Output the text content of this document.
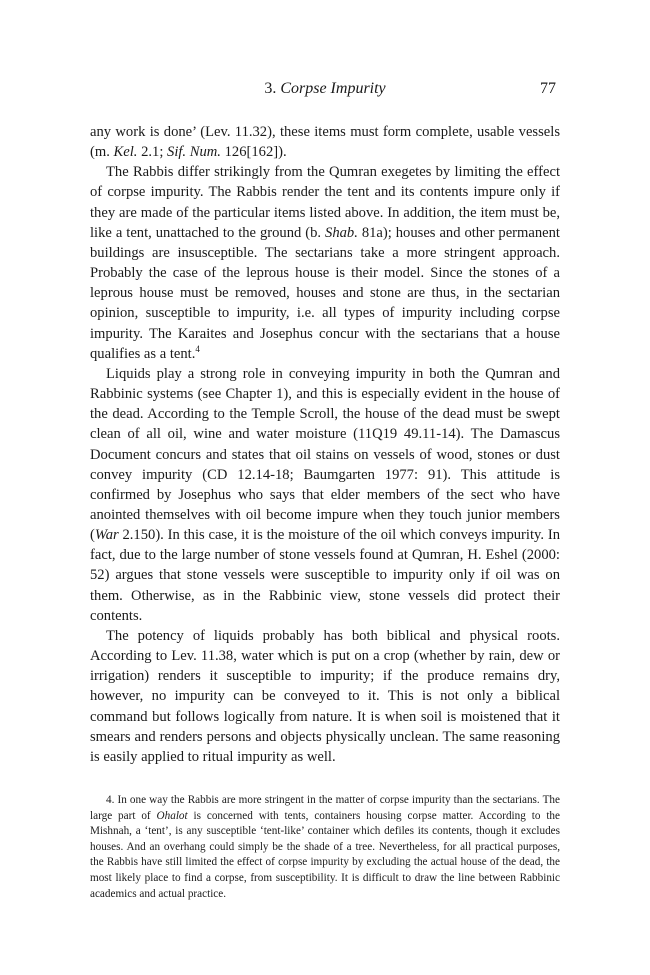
3. Corpse Impurity	77

any work is done’ (Lev. 11.32), these items must form complete, usable vessels (m. Kel. 2.1; Sif. Num. 126[162]).

The Rabbis differ strikingly from the Qumran exegetes by limiting the effect of corpse impurity. The Rabbis render the tent and its contents impure only if they are made of the particular items listed above. In addition, the item must be, like a tent, unattached to the ground (b. Shab. 81a); houses and other permanent buildings are insusceptible. The sectarians take a more stringent approach. Probably the case of the leprous house is their model. Since the stones of a leprous house must be removed, houses and stone are thus, in the sectarian opinion, susceptible to impurity, i.e. all types of impurity including corpse impurity. The Karaites and Josephus concur with the sectarians that a house qualifies as a tent.$^4$

Liquids play a strong role in conveying impurity in both the Qumran and Rabbinic systems (see Chapter 1), and this is especially evident in the house of the dead. According to the Temple Scroll, the house of the dead must be swept clean of all oil, wine and water moisture (11Q19 49.11-14). The Damascus Document concurs and states that oil stains on vessels of wood, stones or dust convey impurity (CD 12.14-18; Baumgarten 1977: 91). This attitude is confirmed by Josephus who says that elder members of the sect who have anointed themselves with oil become impure when they touch junior members (War 2.150). In this case, it is the moisture of the oil which conveys impurity. In fact, due to the large number of stone vessels found at Qumran, H. Eshel (2000: 52) argues that stone vessels were susceptible to impurity only if oil was on them. Otherwise, as in the Rabbinic view, stone vessels did protect their contents.

The potency of liquids probably has both biblical and physical roots. According to Lev. 11.38, water which is put on a crop (whether by rain, dew or irrigation) renders it susceptible to impurity; if the produce remains dry, however, no impurity can be conveyed to it. This is not only a biblical command but follows logically from nature. It is when soil is moistened that it smears and renders persons and objects physically unclean. The same reasoning is easily applied to ritual impurity as well.

4. In one way the Rabbis are more stringent in the matter of corpse impurity than the sectarians. The large part of Ohalot is concerned with tents, containers housing corpse matter. According to the Mishnah, a ‘tent’, is any susceptible ‘tent-like’ container which defiles its contents, though it excludes houses. And an overhang could simply be the shade of a tree. Nevertheless, for all practical purposes, the Rabbis have still limited the effect of corpse impurity by excluding the actual house of the dead, the most likely place to find a corpse, from susceptibility. It is difficult to draw the line between Rabbinic academics and actual practice.
